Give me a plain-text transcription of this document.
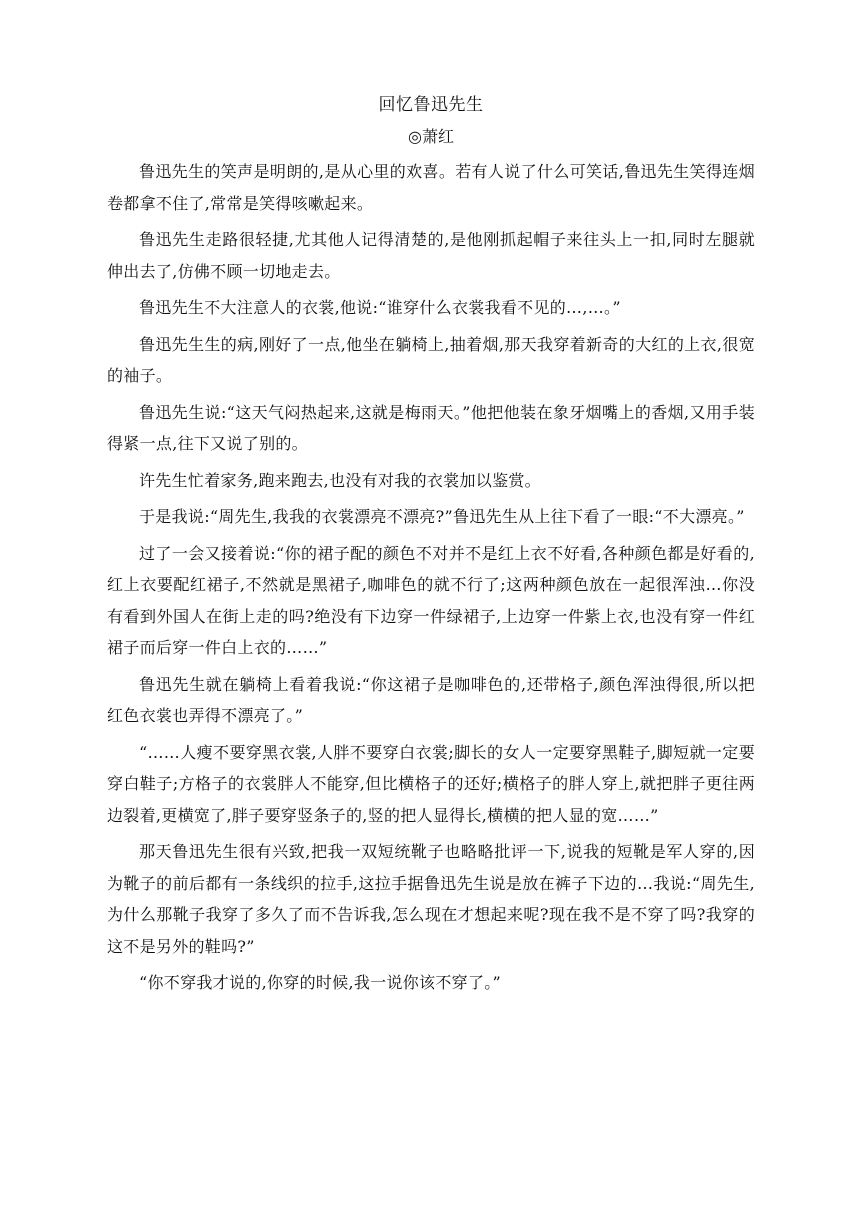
回忆鲁迅先生

◎萧红

鲁迅先生的笑声是明朗的,是从心里的欢喜。若有人说了什么可笑话,鲁迅先生笑得连烟卷都拿不住了,常常是笑得咳嗽起来。

鲁迅先生走路很轻捷,尤其他人记得清楚的,是他刚抓起帽子来往头上一扣,同时左腿就伸出去了,仿佛不顾一切地走去。

鲁迅先生不大注意人的衣裳,他说:“谁穿什么衣裳我看不见的…,…。”

鲁迅先生生的病,刚好了一点,他坐在躺椅上,抽着烟,那天我穿着新奇的大红的上衣,很宽的袖子。

鲁迅先生说:“这天气闷热起来,这就是梅雨天。”他把他装在象牙烟嘴上的香烟,又用手装得紧一点,往下又说了别的。

许先生忙着家务,跑来跑去,也没有对我的衣裳加以鉴赏。

于是我说:“周先生,我我的衣裳漂亮不漂亮?”鲁迅先生从上往下看了一眼:“不大漂亮。”

过了一会又接着说:“你的裙子配的颜色不对并不是红上衣不好看,各种颜色都是好看的,红上衣要配红裙子,不然就是黑裙子,咖啡色的就不行了;这两种颜色放在一起很浑浊…你没有看到外国人在街上走的吗?绝没有下边穿一件绿裙子,上边穿一件紫上衣,也没有穿一件红裙子而后穿一件白上衣的……”

鲁迅先生就在躺椅上看着我说:“你这裙子是咖啡色的,还带格子,颜色浑浊得很,所以把红色衣裳也弄得不漂亮了。”

“……人瘦不要穿黑衣裳,人胖不要穿白衣裳;脚长的女人一定要穿黑鞋子,脚短就一定要穿白鞋子;方格子的衣裳胖人不能穿,但比横格子的还好;横格子的胖人穿上,就把胖子更往两边裂着,更横宽了,胖子要穿竖条子的,竖的把人显得长,横横的把人显的宽……”

那天鲁迅先生很有兴致,把我一双短统靴子也略略批评一下,说我的短靴是军人穿的,因为靴子的前后都有一条线织的拉手,这拉手据鲁迅先生说是放在裤子下边的…我说:“周先生,为什么那靴子我穿了多久了而不告诉我,怎么现在才想起来呢?现在我不是不穿了吗?我穿的这不是另外的鞋吗?”

“你不穿我才说的,你穿的时候,我一说你该不穿了。”
